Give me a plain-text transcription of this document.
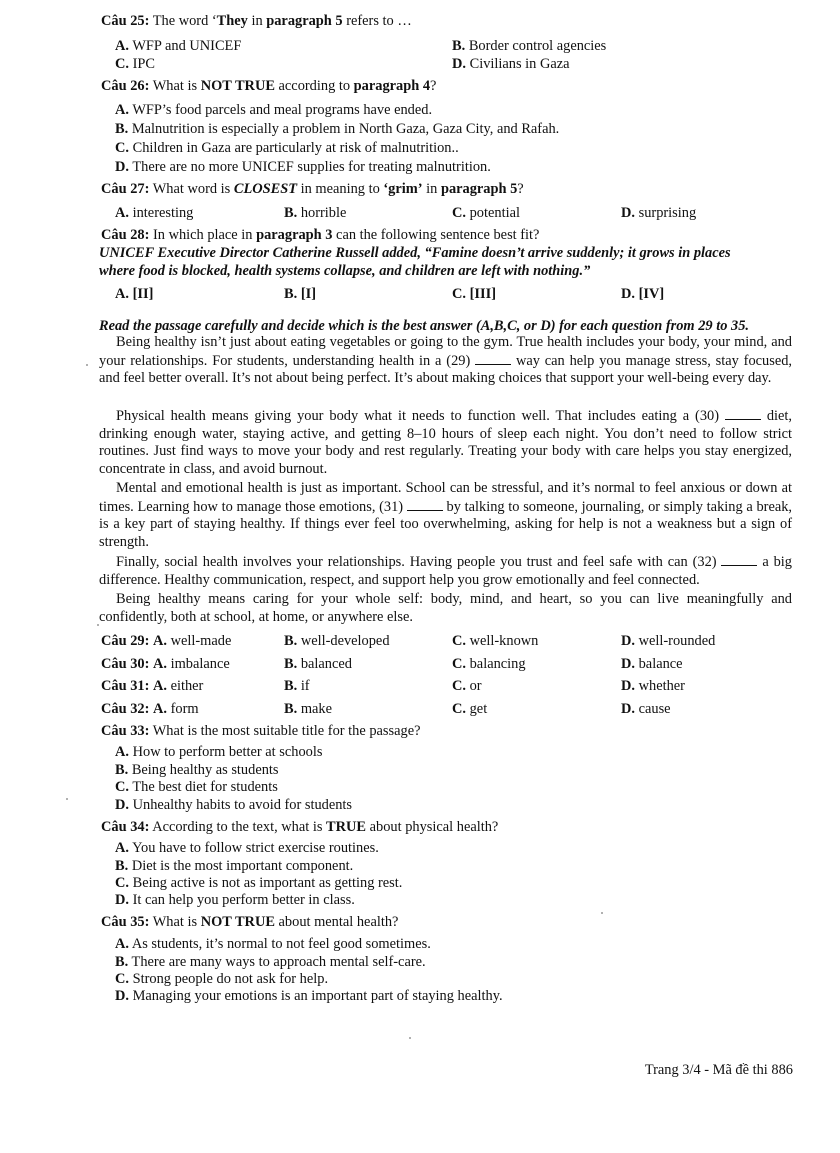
Câu 25: The word ‘They in paragraph 5 refers to …
A. WFP and UNICEF	B. Border control agencies
C. IPC	D. Civilians in Gaza
Câu 26: What is NOT TRUE according to paragraph 4?
A. WFP’s food parcels and meal programs have ended.
B. Malnutrition is especially a problem in North Gaza, Gaza City, and Rafah.
C. Children in Gaza are particularly at risk of malnutrition..
D. There are no more UNICEF supplies for treating malnutrition.
Câu 27: What word is CLOSEST in meaning to ‘grim’ in paragraph 5?
A. interesting	B. horrible	C. potential	D. surprising
Câu 28: In which place in paragraph 3 can the following sentence best fit?
UNICEF Executive Director Catherine Russell added, “Famine doesn’t arrive suddenly; it grows in places
where food is blocked, health systems collapse, and children are left with nothing.”
A. [II]	B. [I]	C. [III]	D. [IV]
Read the passage carefully and decide which is the best answer (A,B,C, or D) for each question from 29 to 35.
Being healthy isn’t just about eating vegetables or going to the gym. True health includes your body, your mind, and your relationships. For students, understanding health in a (29)	way can help you manage stress, stay focused, and feel better overall. It’s not about being perfect. It’s about making choices that support your well-being every day.
Physical health means giving your body what it needs to function well. That includes eating a (30)	diet, drinking enough water, staying active, and getting 8–10 hours of sleep each night. You don’t need to follow strict routines. Just find ways to move your body and rest regularly. Treating your body with care helps you stay energized, concentrate in class, and avoid burnout.
Mental and emotional health is just as important. School can be stressful, and it’s normal to feel anxious or down at times. Learning how to manage those emotions, (31)	by talking to someone, journaling, or simply taking a break, is a key part of staying healthy. If things ever feel too overwhelming, asking for help is not a weakness but a sign of strength.
Finally, social health involves your relationships. Having people you trust and feel safe with can (32)	a big difference. Healthy communication, respect, and support help you grow emotionally and feel connected.
Being healthy means caring for your whole self: body, mind, and heart, so you can live meaningfully and confidently, both at school, at home, or anywhere else.
Câu 29: A. well-made	B. well-developed	C. well-known	D. well-rounded
Câu 30: A. imbalance	B. balanced	C. balancing	D. balance
Câu 31: A. either	B. if	C. or	D. whether
Câu 32: A. form	B. make	C. get	D. cause
Câu 33: What is the most suitable title for the passage?
A. How to perform better at schools
B. Being healthy as students
C. The best diet for students
D. Unhealthy habits to avoid for students
Câu 34: According to the text, what is TRUE about physical health?
A. You have to follow strict exercise routines.
B. Diet is the most important component.
C. Being active is not as important as getting rest.
D. It can help you perform better in class.
Câu 35: What is NOT TRUE about mental health?
A. As students, it’s normal to not feel good sometimes.
B. There are many ways to approach mental self-care.
C. Strong people do not ask for help.
D. Managing your emotions is an important part of staying healthy.
Trang 3/4 - Mã đề thi 886
